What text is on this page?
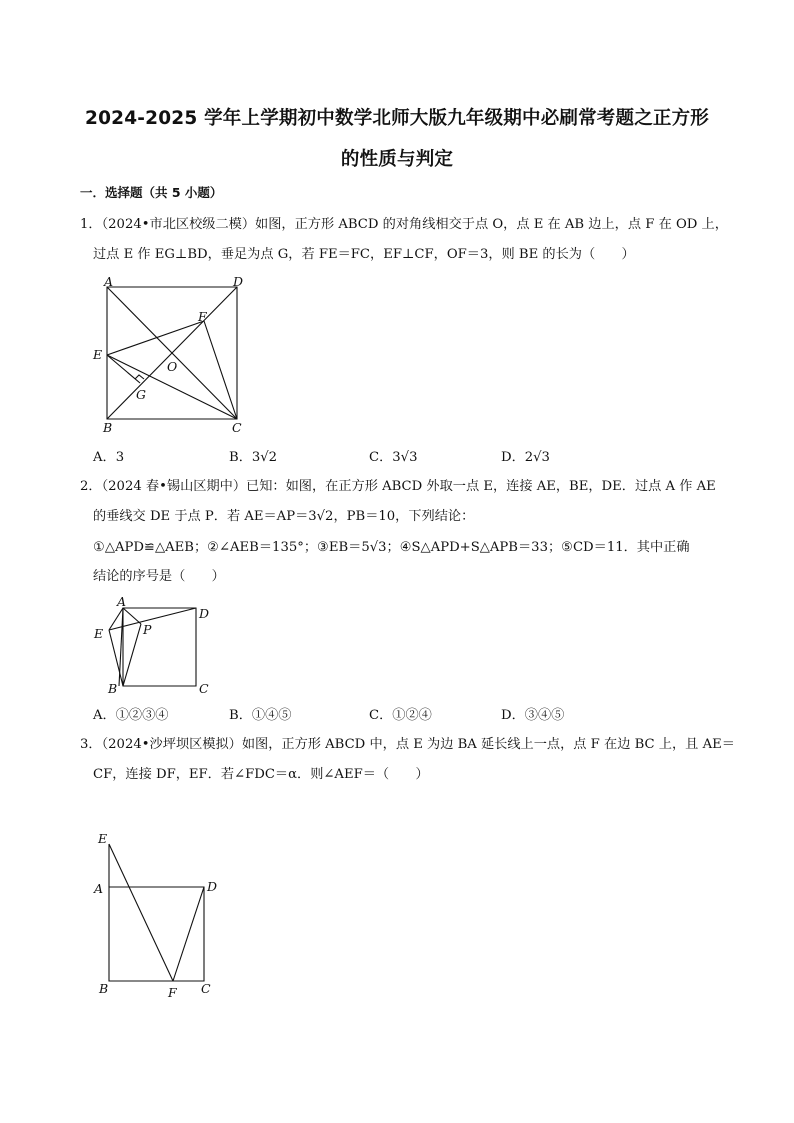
2024-2025 学年上学期初中数学北师大版九年级期中必刷常考题之正方形
的性质与判定
一．选择题（共 5 小题）
1．（2024•市北区校级二模）如图，正方形 ABCD 的对角线相交于点 O，点 E 在 AB 边上，点 F 在 OD 上，
过点 E 作 EG⊥BD，垂足为点 G，若 FE＝FC，EF⊥CF，OF＝3，则 BE 的长为（　　）
A	D
F
E
O
G
B	C
A．3	B．3√2	C．3√3	D．2√3
2．（2024 春•锡山区期中）已知：如图，在正方形 ABCD 外取一点 E，连接 AE，BE，DE．过点 A 作 AE
的垂线交 DE 于点 P．若 AE＝AP＝3√2，PB＝10，下列结论：
①△APD≌△AEB；②∠AEB＝135°；③EB＝5√3；④S△APD+S△APB＝33；⑤CD＝11．其中正确
结论的序号是（　　）
A
D
E	P
B	C
A．①②③④	B．①④⑤	C．①②④	D．③④⑤
3．（2024•沙坪坝区模拟）如图，正方形 ABCD 中，点 E 为边 BA 延长线上一点，点 F 在边 BC 上，且 AE＝
CF，连接 DF，EF．若∠FDC＝α．则∠AEF＝（　　）
E
A	D
B	F C
